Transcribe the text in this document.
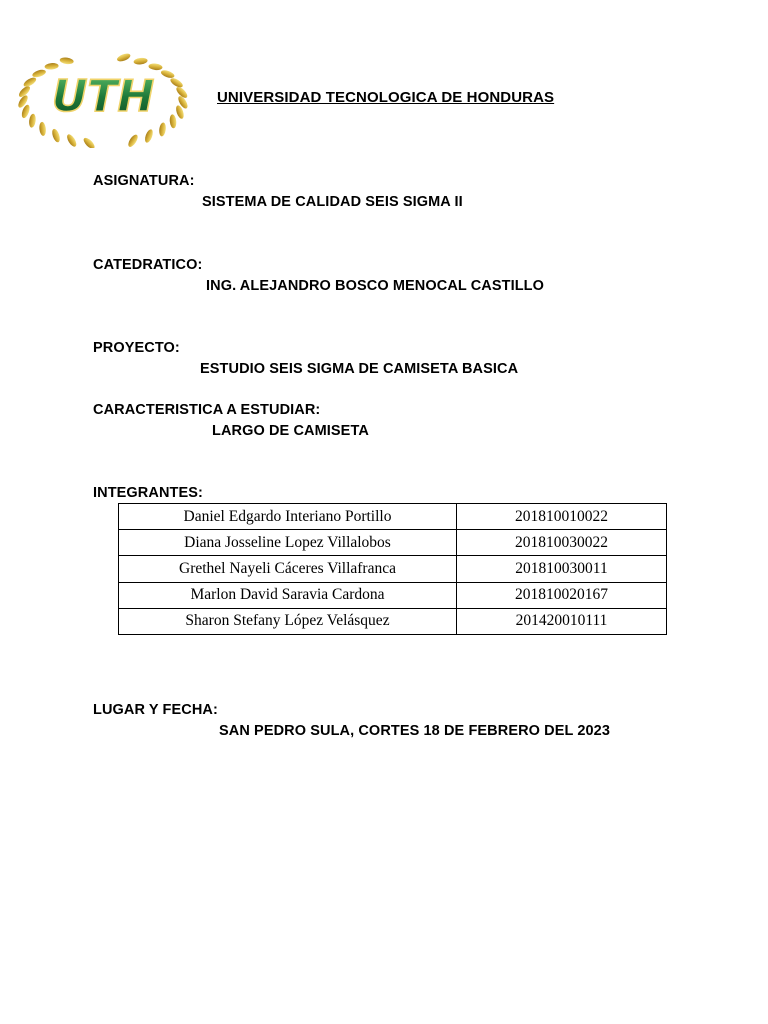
UTH	UNIVERSIDAD TECNOLOGICA DE HONDURAS
ASIGNATURA:
SISTEMA DE CALIDAD SEIS SIGMA II
CATEDRATICO:
ING. ALEJANDRO BOSCO MENOCAL CASTILLO
PROYECTO:
ESTUDIO SEIS SIGMA DE CAMISETA BASICA
CARACTERISTICA A ESTUDIAR:
LARGO DE CAMISETA
INTEGRANTES:
Daniel Edgardo Interiano Portillo	201810010022
Diana Josseline Lopez Villalobos	201810030022
Grethel Nayeli Cáceres Villafranca	201810030011
Marlon David Saravia Cardona	201810020167
Sharon Stefany López Velásquez	201420010111
LUGAR Y FECHA:
SAN PEDRO SULA, CORTES 18 DE FEBRERO DEL 2023
